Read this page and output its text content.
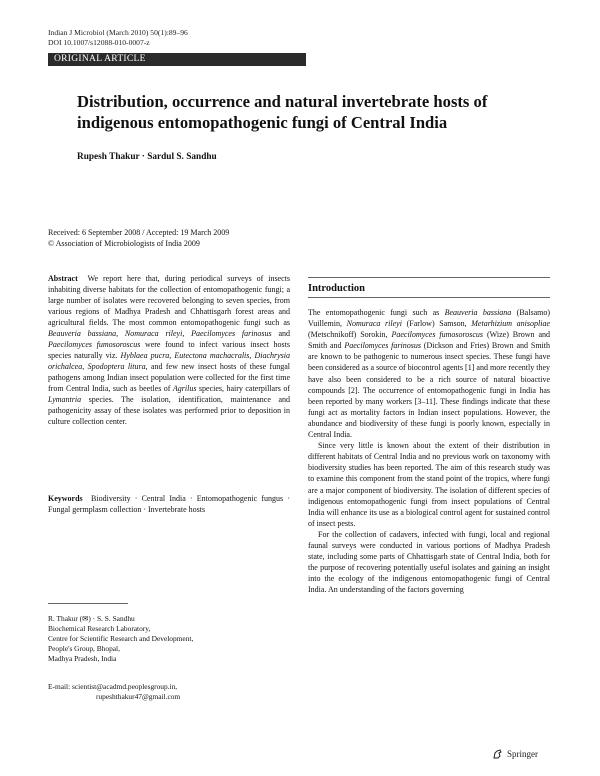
Indian J Microbiol (March 2010) 50(1):89–96
DOI 10.1007/s12088-010-0007-z
ORIGINAL ARTICLE
Distribution, occurrence and natural invertebrate hosts of
indigenous entomopathogenic fungi of Central India
Rupesh Thakur · Sardul S. Sandhu
Received: 6 September 2008 / Accepted: 19 March 2009
© Association of Microbiologists of India 2009
Abstract We report here that, during periodical surveys of insects inhabiting diverse habitats for the collection of entomopathogenic fungi; a large number of isolates were recovered belonging to seven species, from various regions of Madhya Pradesh and Chhattisgarh forest areas and agricultural fields. The most common entomopathogenic fungi such as Beauveria bassiana, Nomuraca rileyi, Paecilomyces farinosus and Paecilomyces fumosoroscus were found to infect various insect hosts species naturally viz. Hyblaea pucra, Eutectona machacralis, Diachrysia orichalcea, Spodoptera litura, and few new insect hosts of these fungal pathogens among Indian insect population were collected for the first time from Central India, such as beetles of Agrilus species, hairy caterpillars of Lymantria species. The isolation, identification, maintenance and pathogenicity assay of these isolates was performed prior to deposition in culture collection center.
Keywords Biodiversity · Central India · Entomopathogenic fungus · Fungal germplasm collection · Invertebrate hosts
R. Thakur (✉) · S. S. Sandhu
Biochemical Research Laboratory,
Centre for Scientific Research and Development,
People's Group, Bhopal,
Madhya Pradesh, India
E-mail: scientist@acadmd.peoplesgroup.in,
rupeshthakur47@gmail.com
Introduction

The entomopathogenic fungi such as Beauveria bassiana (Balsamo) Vuillemin, Nomuraca rileyi (Farlow) Samson, Metarhizium anisopliae (Metschnikoff) Sorokin, Paecilomyces fumosoroscus (Wize) Brown and Smith and Paecilomyces farinosus (Dickson and Fries) Brown and Smith are known to be pathogenic to numerous insect species. These fungi have been considered as a source of biocontrol agents [1] and more recently they have also been considered to be a rich source of natural bioactive compounds [2]. The occurrence of entomopathogenic fungi in India has been reported by many workers [3–11]. These findings indicate that these fungi act as mortality factors in Indian insect populations. However, the abundance and biodiversity of these fungi is poorly known, especially in Central India.

Since very little is known about the extent of their distribution in different habitats of Central India and no previous work on taxonomy with biodiversity studies has been reported. The aim of this research study was to examine this component from the stand point of the tropics, where fungi are a major component of biodiversity. The isolation of different species of indigenous entomopathogenic fungi from insect populations of Central India will enhance its use as a biological control agent for sustained control of insect pests.

For the collection of cadavers, infected with fungi, local and regional faunal surveys were conducted in various portions of Madhya Pradesh state, including some parts of Chhattisgarh state of Central India, both for the purpose of recovering potentially useful isolates and gaining an insight into the ecology of the indigenous entomopathogenic fungi of Central India. An understanding of the factors governing

Springer
